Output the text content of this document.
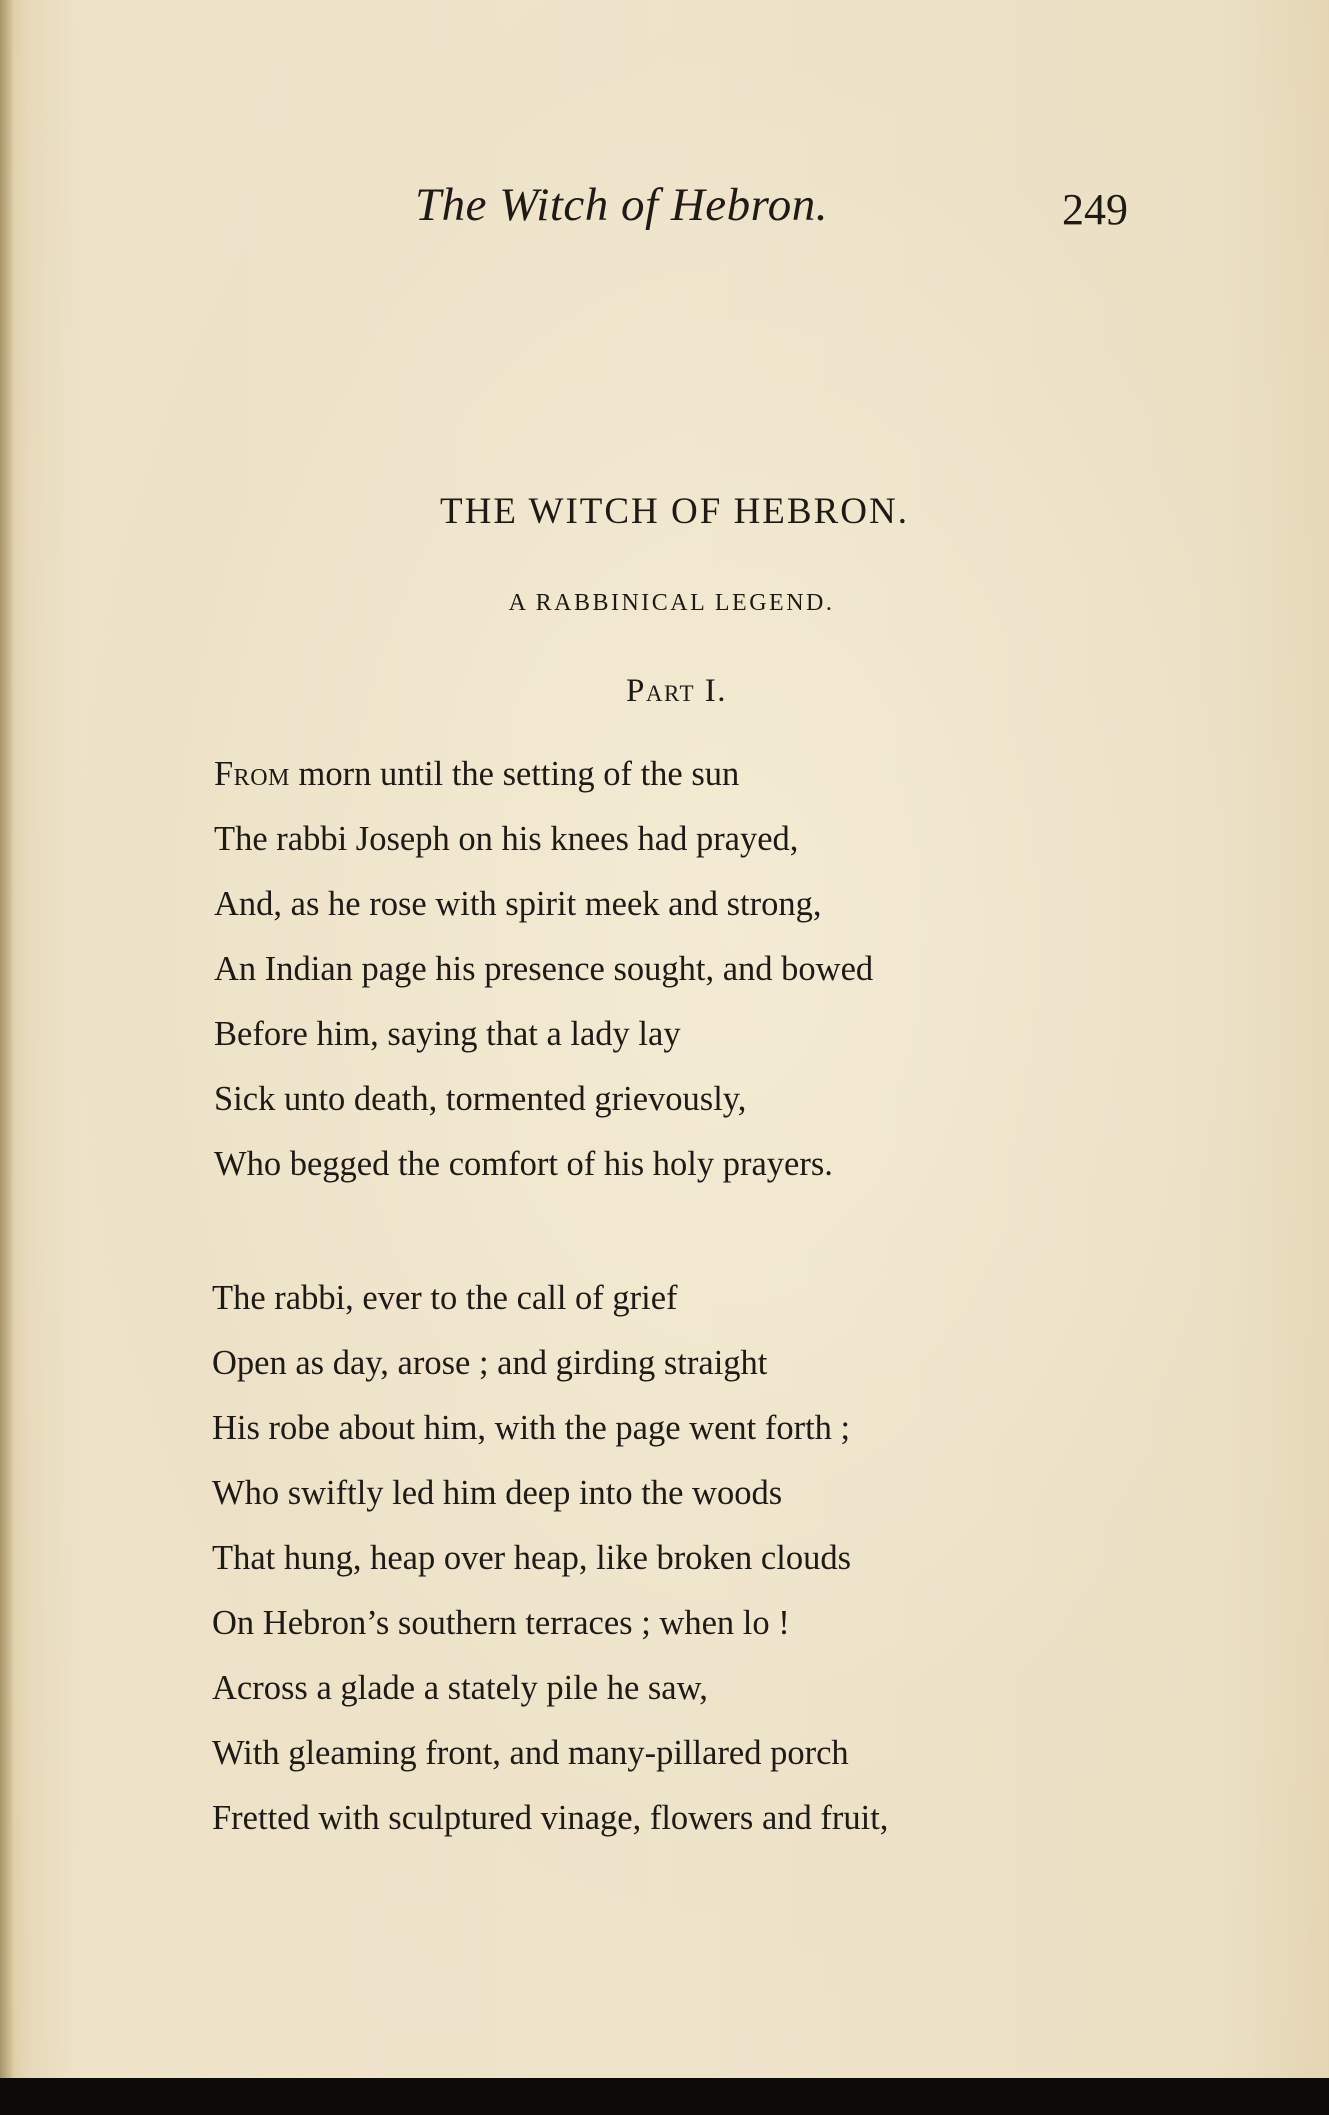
The Witch of Hebron.	249
THE WITCH OF HEBRON.
A RABBINICAL LEGEND.
Part I.
From morn until the setting of the sun
The rabbi Joseph on his knees had prayed,
And, as he rose with spirit meek and strong,
An Indian page his presence sought, and bowed
Before him, saying that a lady lay
Sick unto death, tormented grievously,
Who begged the comfort of his holy prayers.
The rabbi, ever to the call of grief
Open as day, arose ; and girding straight
His robe about him, with the page went forth ;
Who swiftly led him deep into the woods
That hung, heap over heap, like broken clouds
On Hebron’s southern terraces ; when lo !
Across a glade a stately pile he saw,
With gleaming front, and many-pillared porch
Fretted with sculptured vinage, flowers and fruit,
